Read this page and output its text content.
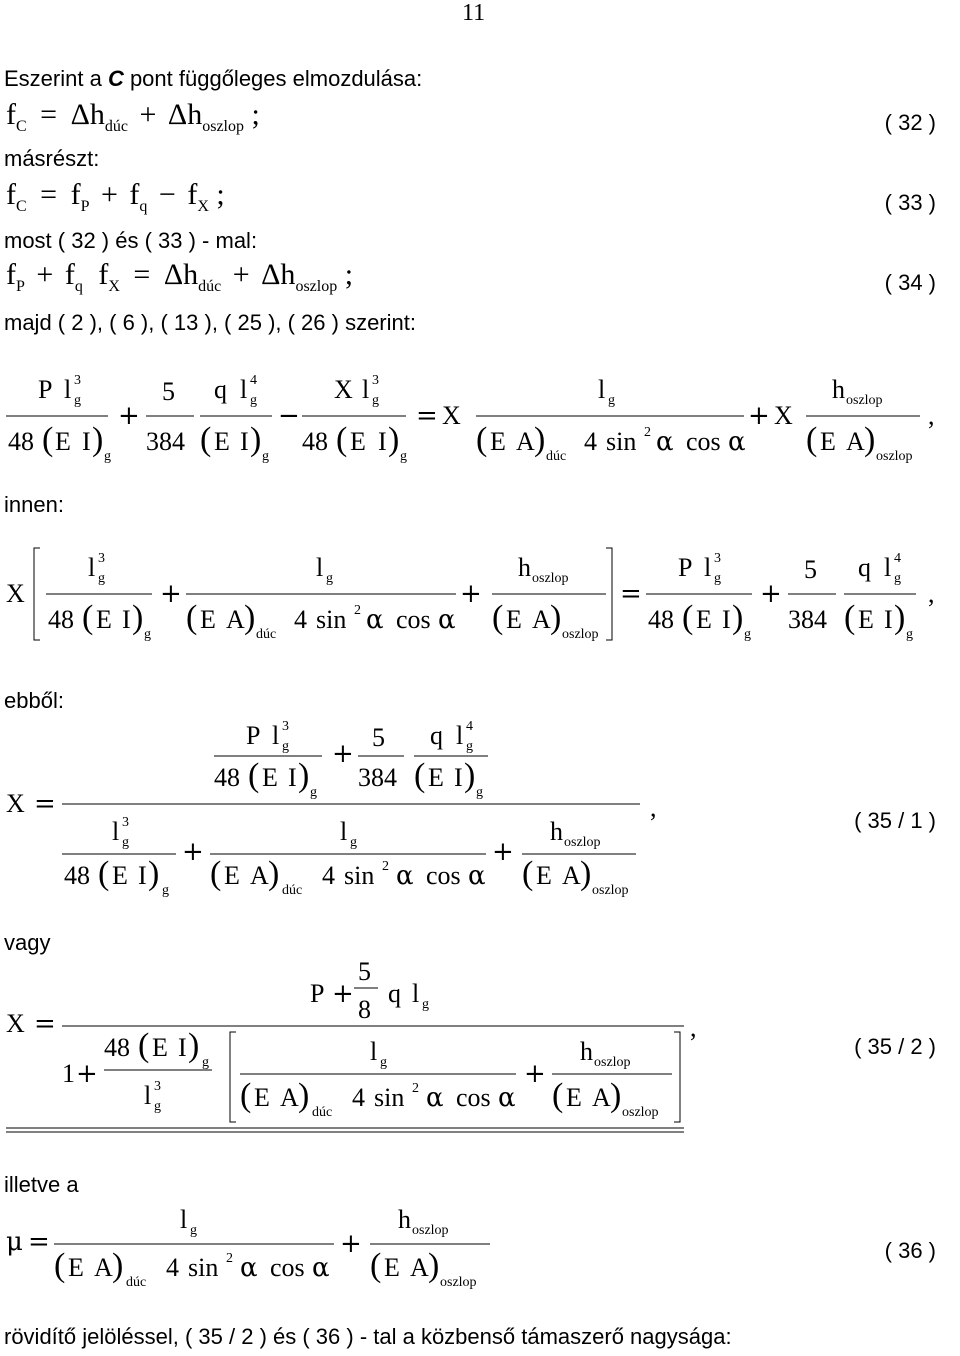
11
Eszerint a C pont függőleges elmozdulása:
$f_C = \Delta h_{dúc} + \Delta h_{oszlop}$ ;	( 32 )
másrészt:
$f_C = f_P + f_q - f_X$ ;	( 33 )
most ( 32 ) és ( 33 ) - mal:
$f_P + f_q$ $f_X = \Delta h_{dúc} + \Delta h_{oszlop}$ ;	( 34 )
majd ( 2 ), ( 6 ), ( 13 ), ( 25 ), ( 26 ) szerint:
P l 3
g
48 ( E I ) g
+
5
384
q l 4
g
( E I ) g
−
X l 3
g
48 ( E I ) g
= X
l g
( E A ) dúc
4 sin 2 α cos α
+ X
h oszlop
( E A ) oszlop
,
innen:
X
l 3
g
48 ( E I ) g
+
l g
( E A ) dúc
4 sin 2 α cos α
+
h oszlop
( E A ) oszlop
=
P l 3
g
48 ( E I ) g
+
5
384
q l 4
g
( E I ) g
,
ebből:
X =
P l 3
g
48 ( E I ) g
+
5
384
q l 4
g
( E I ) g
,
l 3
g
48 ( E I ) g
+
l g
( E A ) dúc
4 sin 2 α cos α
+
h oszlop
( E A ) oszlop
( 35 / 1 )
vagy
X =
P +
5
8
q l g
,
1 +
48 ( E I ) g
l 3
g
l g
( E A ) dúc
4 sin 2 α cos α
+
h oszlop
( E A ) oszlop
( 35 / 2 )
illetve a
μ =
l g
( E A ) dúc
4 sin 2 α cos α
+
h oszlop
( E A ) oszlop
( 36 )
rövidítő jelöléssel, ( 35 / 2 ) és ( 36 ) - tal a közbenső támaszerő nagysága:
